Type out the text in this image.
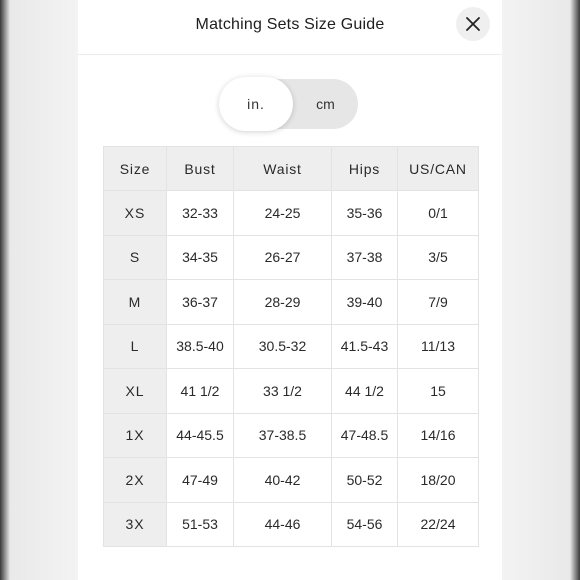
Matching Sets Size Guide
cm
in.
Size	Bust	Waist	Hips	US/CAN
XS	32-33	24-25	35-36	0/1
S	34-35	26-27	37-38	3/5
M	36-37	28-29	39-40	7/9
L	38.5-40	30.5-32	41.5-43	11/13
XL	41 1/2	33 1/2	44 1/2	15
1X	44-45.5	37-38.5	47-48.5	14/16
2X	47-49	40-42	50-52	18/20
3X	51-53	44-46	54-56	22/24
